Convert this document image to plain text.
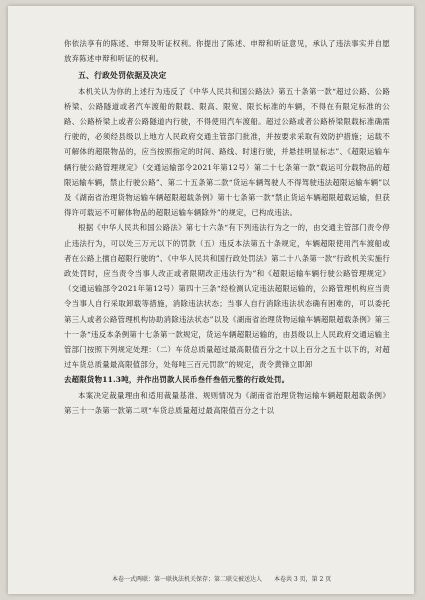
你依法享有的陈述、申辩及听证权利。你提出了陈述、申辩和听证意见，承认了违法事实并自愿放弃陈述申辩和听证的权利。

五、行政处罚依据及决定

本机关认为你的上述行为违反了《中华人民共和国公路法》第五十条第一款“超过公路、公路桥梁、公路隧道或者汽车渡船的限载、限高、限宽、限长标准的车辆，不得在有限定标准的公路、公路桥梁上或者公路隧道内行驶，不得使用汽车渡船。超过公路或者公路桥梁限载标准确需行驶的，必须经县级以上地方人民政府交通主管部门批准，并按要求采取有效防护措施；运载不可解体的超限物品的，应当按照指定的时间、路线、时速行驶，并悬挂明显标志”、《超限运输车辆行驶公路管理规定》（交通运输部令2021年第12号）第二十七条第一款“载运可分载物品的超限运输车辆，禁止行驶公路”、第二十五条第二款“货运车辆驾驶人不得驾驶违法超限运输车辆”以及《湖南省治理货物运输车辆超限超载条例》第十七条第一款“禁止货运车辆超限超载运输，但获得许可载运不可解体物品的超限运输车辆除外”的规定，已构成违法。

根据《中华人民共和国公路法》第七十六条“有下列违法行为之一的，由交通主管部门责令停止违法行为，可以处三万元以下的罚款（五）违反本法第五十条规定，车辆超限使用汽车渡船或者在公路上擅自超限行驶的”、《中华人民共和国行政处罚法》第二十八条第一款“行政机关实施行政处罚时，应当责令当事人改正或者限期改正违法行为”和《超限运输车辆行驶公路管理规定》（交通运输部令2021年第12号）第四十三条“经检测认定违法超限运输的，公路管理机构应当责令当事人自行采取卸载等措施，消除违法状态；当事人自行消除违法状态确有困难的，可以委托第三人或者公路管理机构协助消除违法状态”以及《湖南省治理货物运输车辆超限超载条例》第三十一条“违反本条例第十七条第一款规定，货运车辆超限运输的，由县级以上人民政府交通运输主管部门按照下列规定处理：（二）车货总质量超过最高限值百分之十以上百分之五十以下的，对超过车货总质量最高限值部分，处每吨三百元罚款”的规定，责令黄锋立即卸

去超限货物11.3吨，并作出罚款人民币叁仟叁佰元整的行政处罚。

本案决定裁量理由和适用裁量基准、规则情况为《湖南省治理货物运输车辆超限超载条例》第三十一条第一款第二项“车货总质量超过最高限值百分之十以

本卷一式两联：第一联执法机关保存；第二联交被送达人 本卷共 3 页，第 2 页
